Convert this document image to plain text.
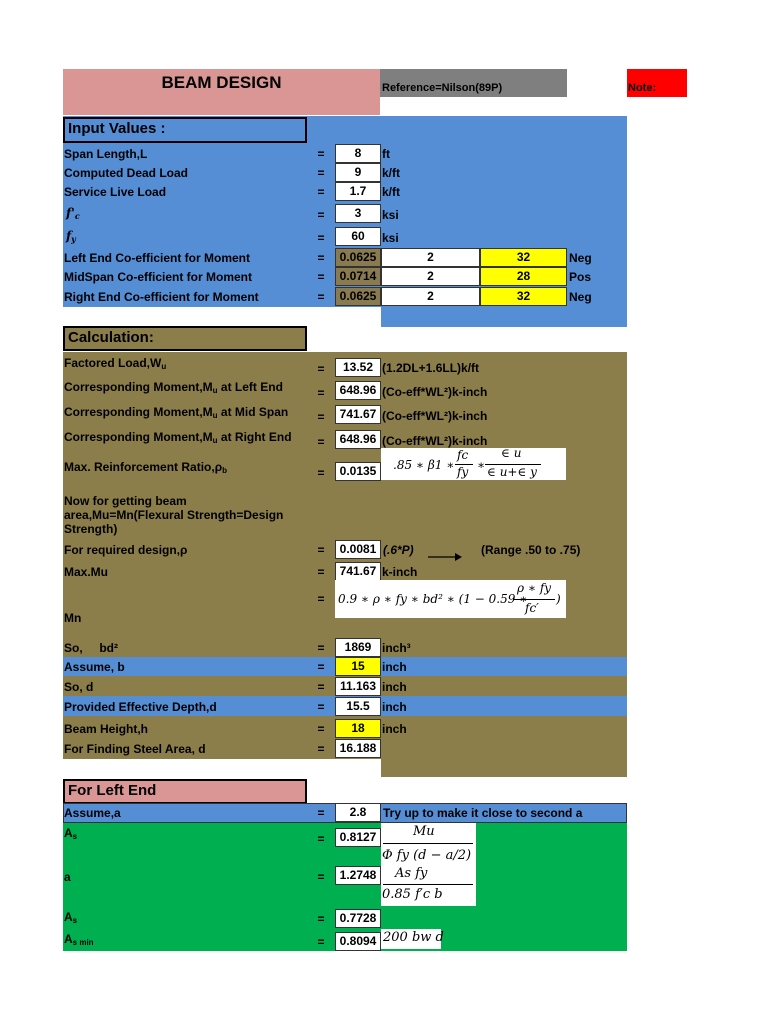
BEAM DESIGN	Reference=Nilson(89P)	Note:
Input Values :
Span Length,L	=	8	ft
Computed Dead Load	=	9	k/ft
Service Live Load	=	1.7	k/ft
$f'_c$	=	3	ksi
$f_y$	=	60	ksi
Left End Co-efficient for Moment	=	0.0625	2	32	Neg
MidSpan Co-efficient for Moment	=	0.0714	2	28	Pos
Right End Co-efficient for Moment	=	0.0625	2	32	Neg
Calculation:
Factored $Load,W_u$	=	13.52 (1.2DL+1.6LL)k/ft
Corresponding $Moment,M_u$ at Left End	=	648.96 (Co-eff*WL²)k-inch
Corresponding $Moment,M_u$ at Mid Span =	741.67 (Co-eff*WL²)k-inch
Corresponding $Moment,M_u$ at Right End =	648.96 (Co-eff*WL²)k-inch
Max. Reinforcement $Ratio,\rho_b$	=	0.0135	.85 ∗ β1 ∗
fc
fy ∗
∈ u
∈ u+∈ y
Now for getting beam area,Mu=Mn(Flexural Strength=Design Strength)
For required design,ρ	=	0.0081 (.6*P)	(Range .50 to .75)
Max.Mu	=	741.67 k-inch
Mn
= 0.9 ∗ ρ ∗ fy ∗ bd² ∗ (1 − 0.59 ∗
ρ ∗ fy
fc′
)
So,     bd²	=	1869 inch³
Assume, b	=	15	inch
So, d	=	11.163 inch
Provided Effective Depth,d	=	15.5	inch
Beam Height,h	=	18	inch
For Finding Steel Area, d	=	16.188
For Left End
Assume,a	=	2.8	Try up to make it close to second a
$A_s$	=	0.8127	Mu
Φ fy (d − a/2)
a	=	1.2748	As fy
0.85 f′c b
$A_s$	=	0.7728
$A_{s min}$	=	0.8094 200 bw d
